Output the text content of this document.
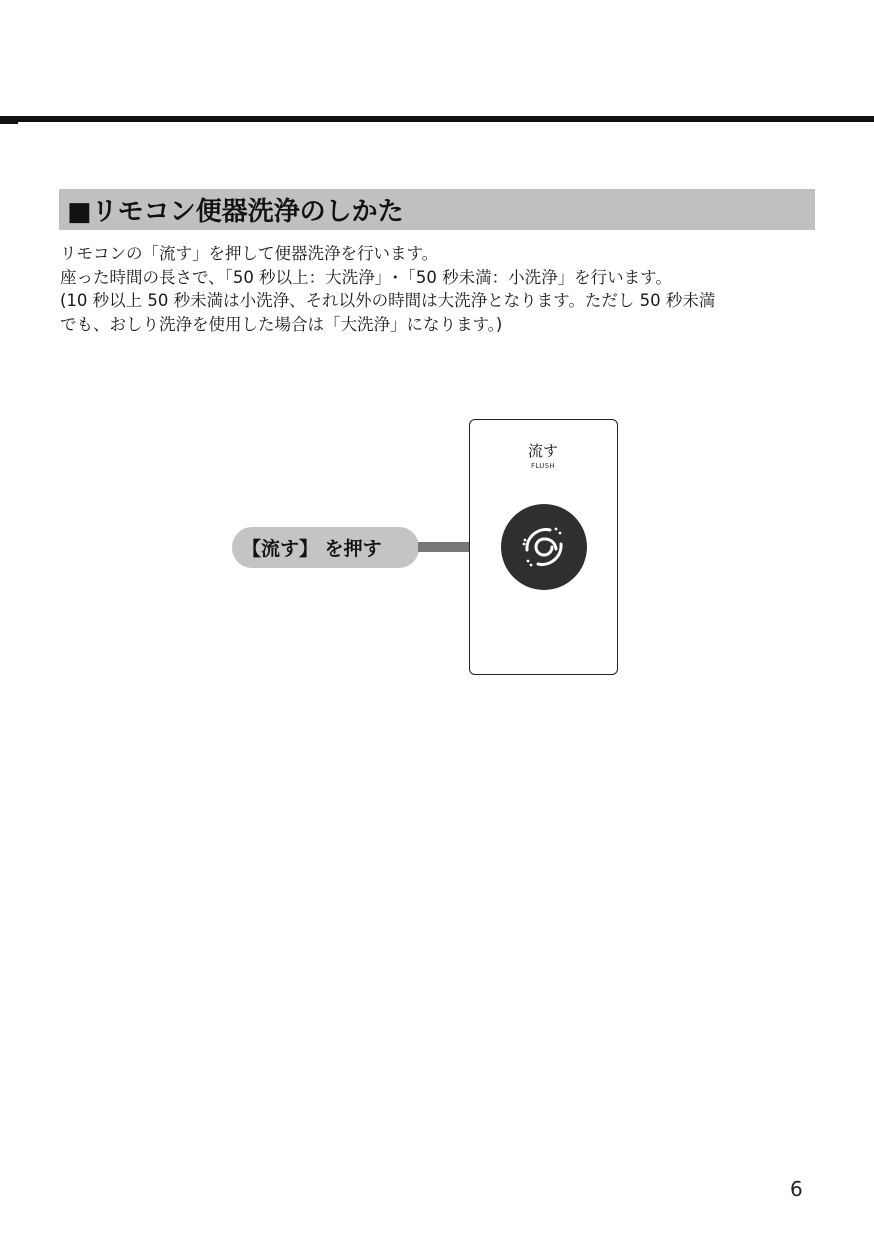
■リモコン便器洗浄のしかた

リモコンの「流す」を押して便器洗浄を行います。

座った時間の長さで、「50 秒以上：大洗浄」･「50 秒未満：小洗浄」を行います。

(10 秒以上 50 秒未満は小洗浄、それ以外の時間は大洗浄となります。ただし 50 秒未満

でも、おしり洗浄を使用した場合は「大洗浄」になります。)

【流す】 を押す
流す
FLUSH
6
